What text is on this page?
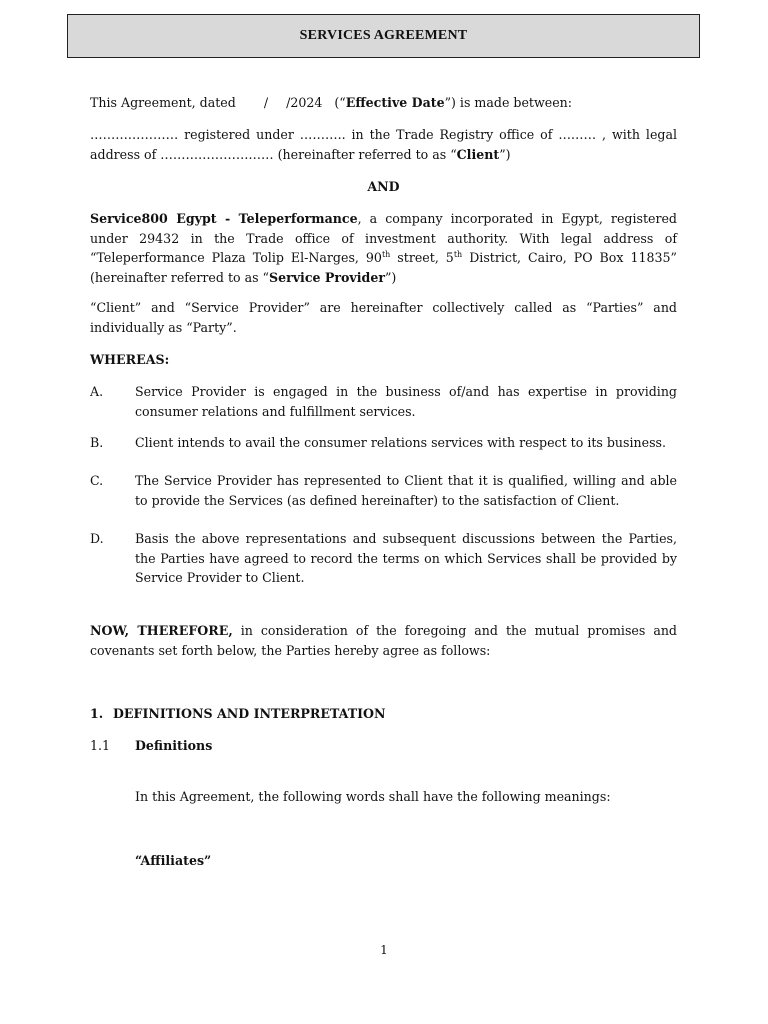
SERVICES AGREEMENT
This Agreement, dated / /2024 (“Effective Date”) is made between:
………………… registered under ……….. in the Trade Registry office of ……… , with legal address of ……………………… (hereinafter referred to as “Client”)
AND
Service800 Egypt - Teleperformance, a company incorporated in Egypt, registered under 29432 in the Trade office of investment authority. With legal address of “Teleperformance Plaza Tolip El-Narges, 90th street, 5th District, Cairo, PO Box 11835” (hereinafter referred to as “Service Provider”)
“Client” and “Service Provider” are hereinafter collectively called as “Parties” and individually as “Party”.
WHEREAS:
A.	Service Provider is engaged in the business of/and has expertise in providing consumer relations and fulfillment services.
B.	Client intends to avail the consumer relations services with respect to its business.
C.	The Service Provider has represented to Client that it is qualified, willing and able to provide the Services (as defined hereinafter) to the satisfaction of Client.
D. Basis the above representations and subsequent discussions between the Parties, the Parties have agreed to record the terms on which Services shall be provided by Service Provider to Client.
NOW, THEREFORE, in consideration of the foregoing and the mutual promises and covenants set forth below, the Parties hereby agree as follows:
1. DEFINITIONS AND INTERPRETATION
1.1 Definitions
In this Agreement, the following words shall have the following meanings:
“Affiliates”
1
